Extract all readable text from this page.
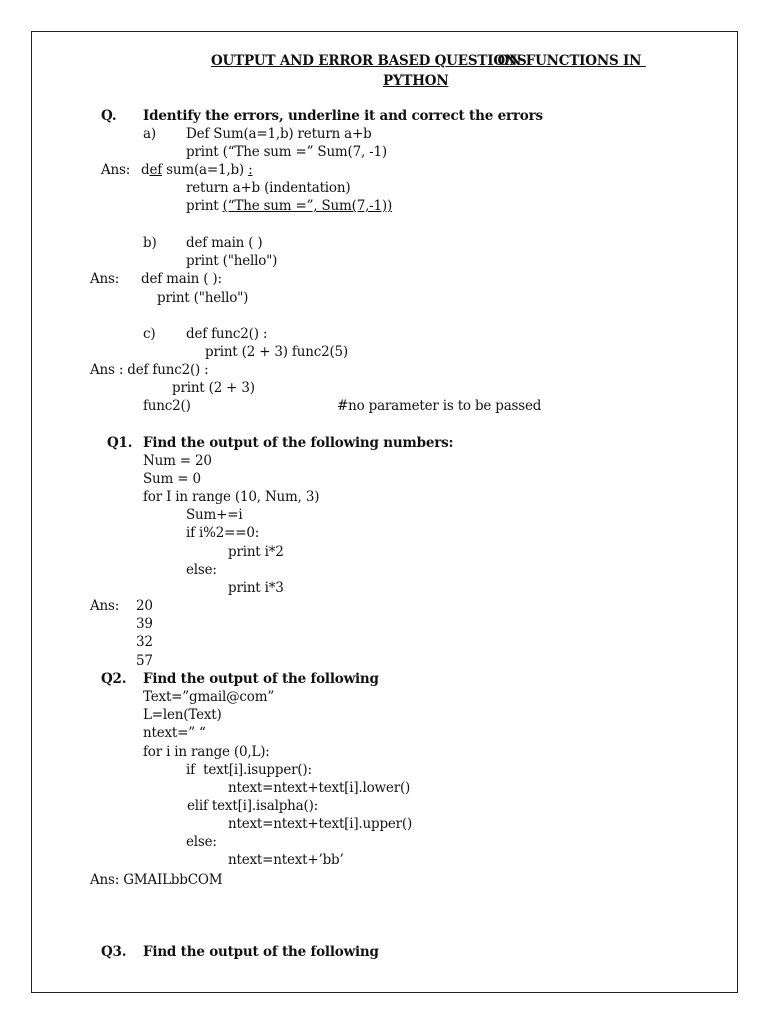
OUTPUT AND ERROR BASED QUESTIONS
ON FUNCTIONS IN
PYTHON
Q. Identify the errors, underline it and correct the errors
a) Def Sum(a=1,b) return a+b
print (“The sum =” Sum(7, -1)
Ans: def sum(a=1,b) :
return a+b (indentation)
print (“The sum =”, Sum(7,-1))
b) def main ( )
print ("hello")
Ans: def main ( ):
print ("hello")
c) def func2() :
print (2 + 3) func2(5)
Ans : def func2() :
print (2 + 3)
func2()	#no parameter is to be passed
Q1. Find the output of the following numbers:
Num = 20
Sum = 0
for I in range (10, Num, 3)
Sum+=i
if i%2==0:
print i*2
else:
print i*3
Ans: 20
39
32
57
Q2. Find the output of the following
Text=”gmail@com”
L=len(Text)
ntext=” “
for i in range (0,L):
if  text[i].isupper():
ntext=ntext+text[i].lower()
elif text[i].isalpha():
ntext=ntext+text[i].upper()
else:
ntext=ntext+’bb’
Ans: GMAILbbCOM
Q3. Find the output of the following
